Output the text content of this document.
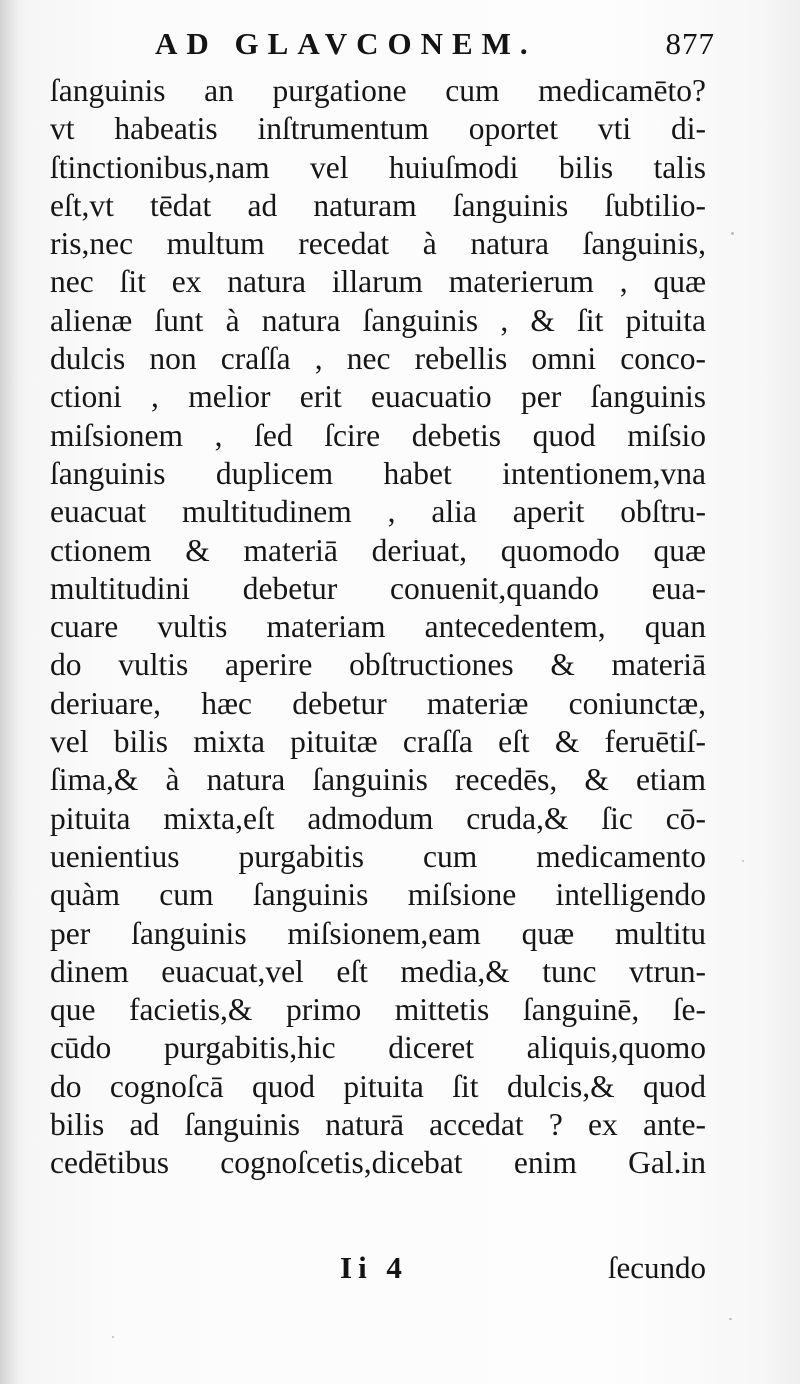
AD GLAVCONEM.	877
ſanguinis an purgatione cum medicamēto?
vt habeatis inſtrumentum oportet vti di-
ſtinctionibus,nam vel huiuſmodi bilis talis
eſt,vt tēdat ad naturam ſanguinis ſubtilio-
ris,nec multum recedat à natura ſanguinis,
nec ſit ex natura illarum materierum , quæ
alienæ ſunt à natura ſanguinis , & ſit pituita
dulcis non craſſa , nec rebellis omni conco-
ctioni , melior erit euacuatio per ſanguinis
miſsionem , ſed ſcire debetis quod miſsio
ſanguinis duplicem habet intentionem,vna
euacuat multitudinem , alia aperit obſtru-
ctionem & materiā deriuat, quomodo quæ
multitudini debetur conuenit,quando eua-
cuare vultis materiam antecedentem, quan
do vultis aperire obſtructiones & materiā
deriuare, hæc debetur materiæ coniunctæ,
vel bilis mixta pituitæ craſſa eſt & feruētiſ-
ſima,& à natura ſanguinis recedēs, & etiam
pituita mixta,eſt admodum cruda,& ſic cō-
uenientius purgabitis cum medicamento
quàm cum ſanguinis miſsione intelligendo
per ſanguinis miſsionem,eam quæ multitu
dinem euacuat,vel eſt media,& tunc vtrun-
que facietis,& primo mittetis ſanguinē, ſe-
cūdo purgabitis,hic diceret aliquis,quomo
do cognoſcā quod pituita ſit dulcis,& quod
bilis ad ſanguinis naturā accedat ? ex ante-
cedētibus cognoſcetis,dicebat enim Gal.in
Ii 4	ſecundo
